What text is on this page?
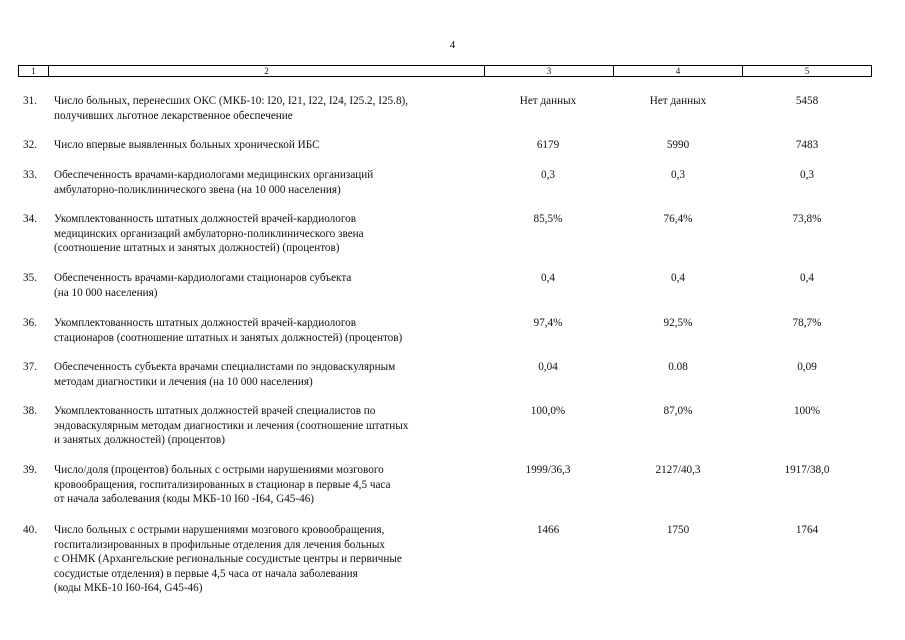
4
1	2	3	4	5
31. Число больных, перенесших ОКС (МКБ-10: I20, I21, I22, I24, I25.2, I25.8),
получивших льготное лекарственное обеспечение
Нет данных	Нет данных	5458
32. Число впервые выявленных больных хронической ИБС	6179	5990	7483
33. Обеспеченность врачами-кардиологами медицинских организаций
амбулаторно-поликлинического звена (на 10 000 населения)
0,3	0,3	0,3
34. Укомплектованность штатных должностей врачей-кардиологов
медицинских организаций амбулаторно-поликлинического звена
(соотношение штатных и занятых должностей) (процентов)
85,5%	76,4%	73,8%
35. Обеспеченность врачами-кардиологами стационаров субъекта
(на 10 000 населения)
0,4	0,4	0,4
36. Укомплектованность штатных должностей врачей-кардиологов
стационаров (соотношение штатных и занятых должностей) (процентов)
97,4%	92,5%	78,7%
37. Обеспеченность субъекта врачами специалистами по эндоваскулярным
методам диагностики и лечения (на 10 000 населения)
0,04	0.08	0,09
38. Укомплектованность штатных должностей врачей специалистов по
эндоваскулярным методам диагностики и лечения (соотношение штатных
и занятых должностей) (процентов)
100,0%	87,0%	100%
39. Число/доля (процентов) больных с острыми нарушениями мозгового
кровообращения, госпитализированных в стационар в первые 4,5 часа
от начала заболевания (коды МКБ-10 I60 -I64, G45-46)
1999/36,3	2127/40,3	1917/38,0
40. Число больных с острыми нарушениями мозгового кровообращения,
госпитализированных в профильные отделения для лечения больных
с ОНМК (Архангельские региональные сосудистые центры и первичные
сосудистые отделения) в первые 4,5 часа от начала заболевания
(коды МКБ-10 I60-I64, G45-46)
1466	1750	1764
